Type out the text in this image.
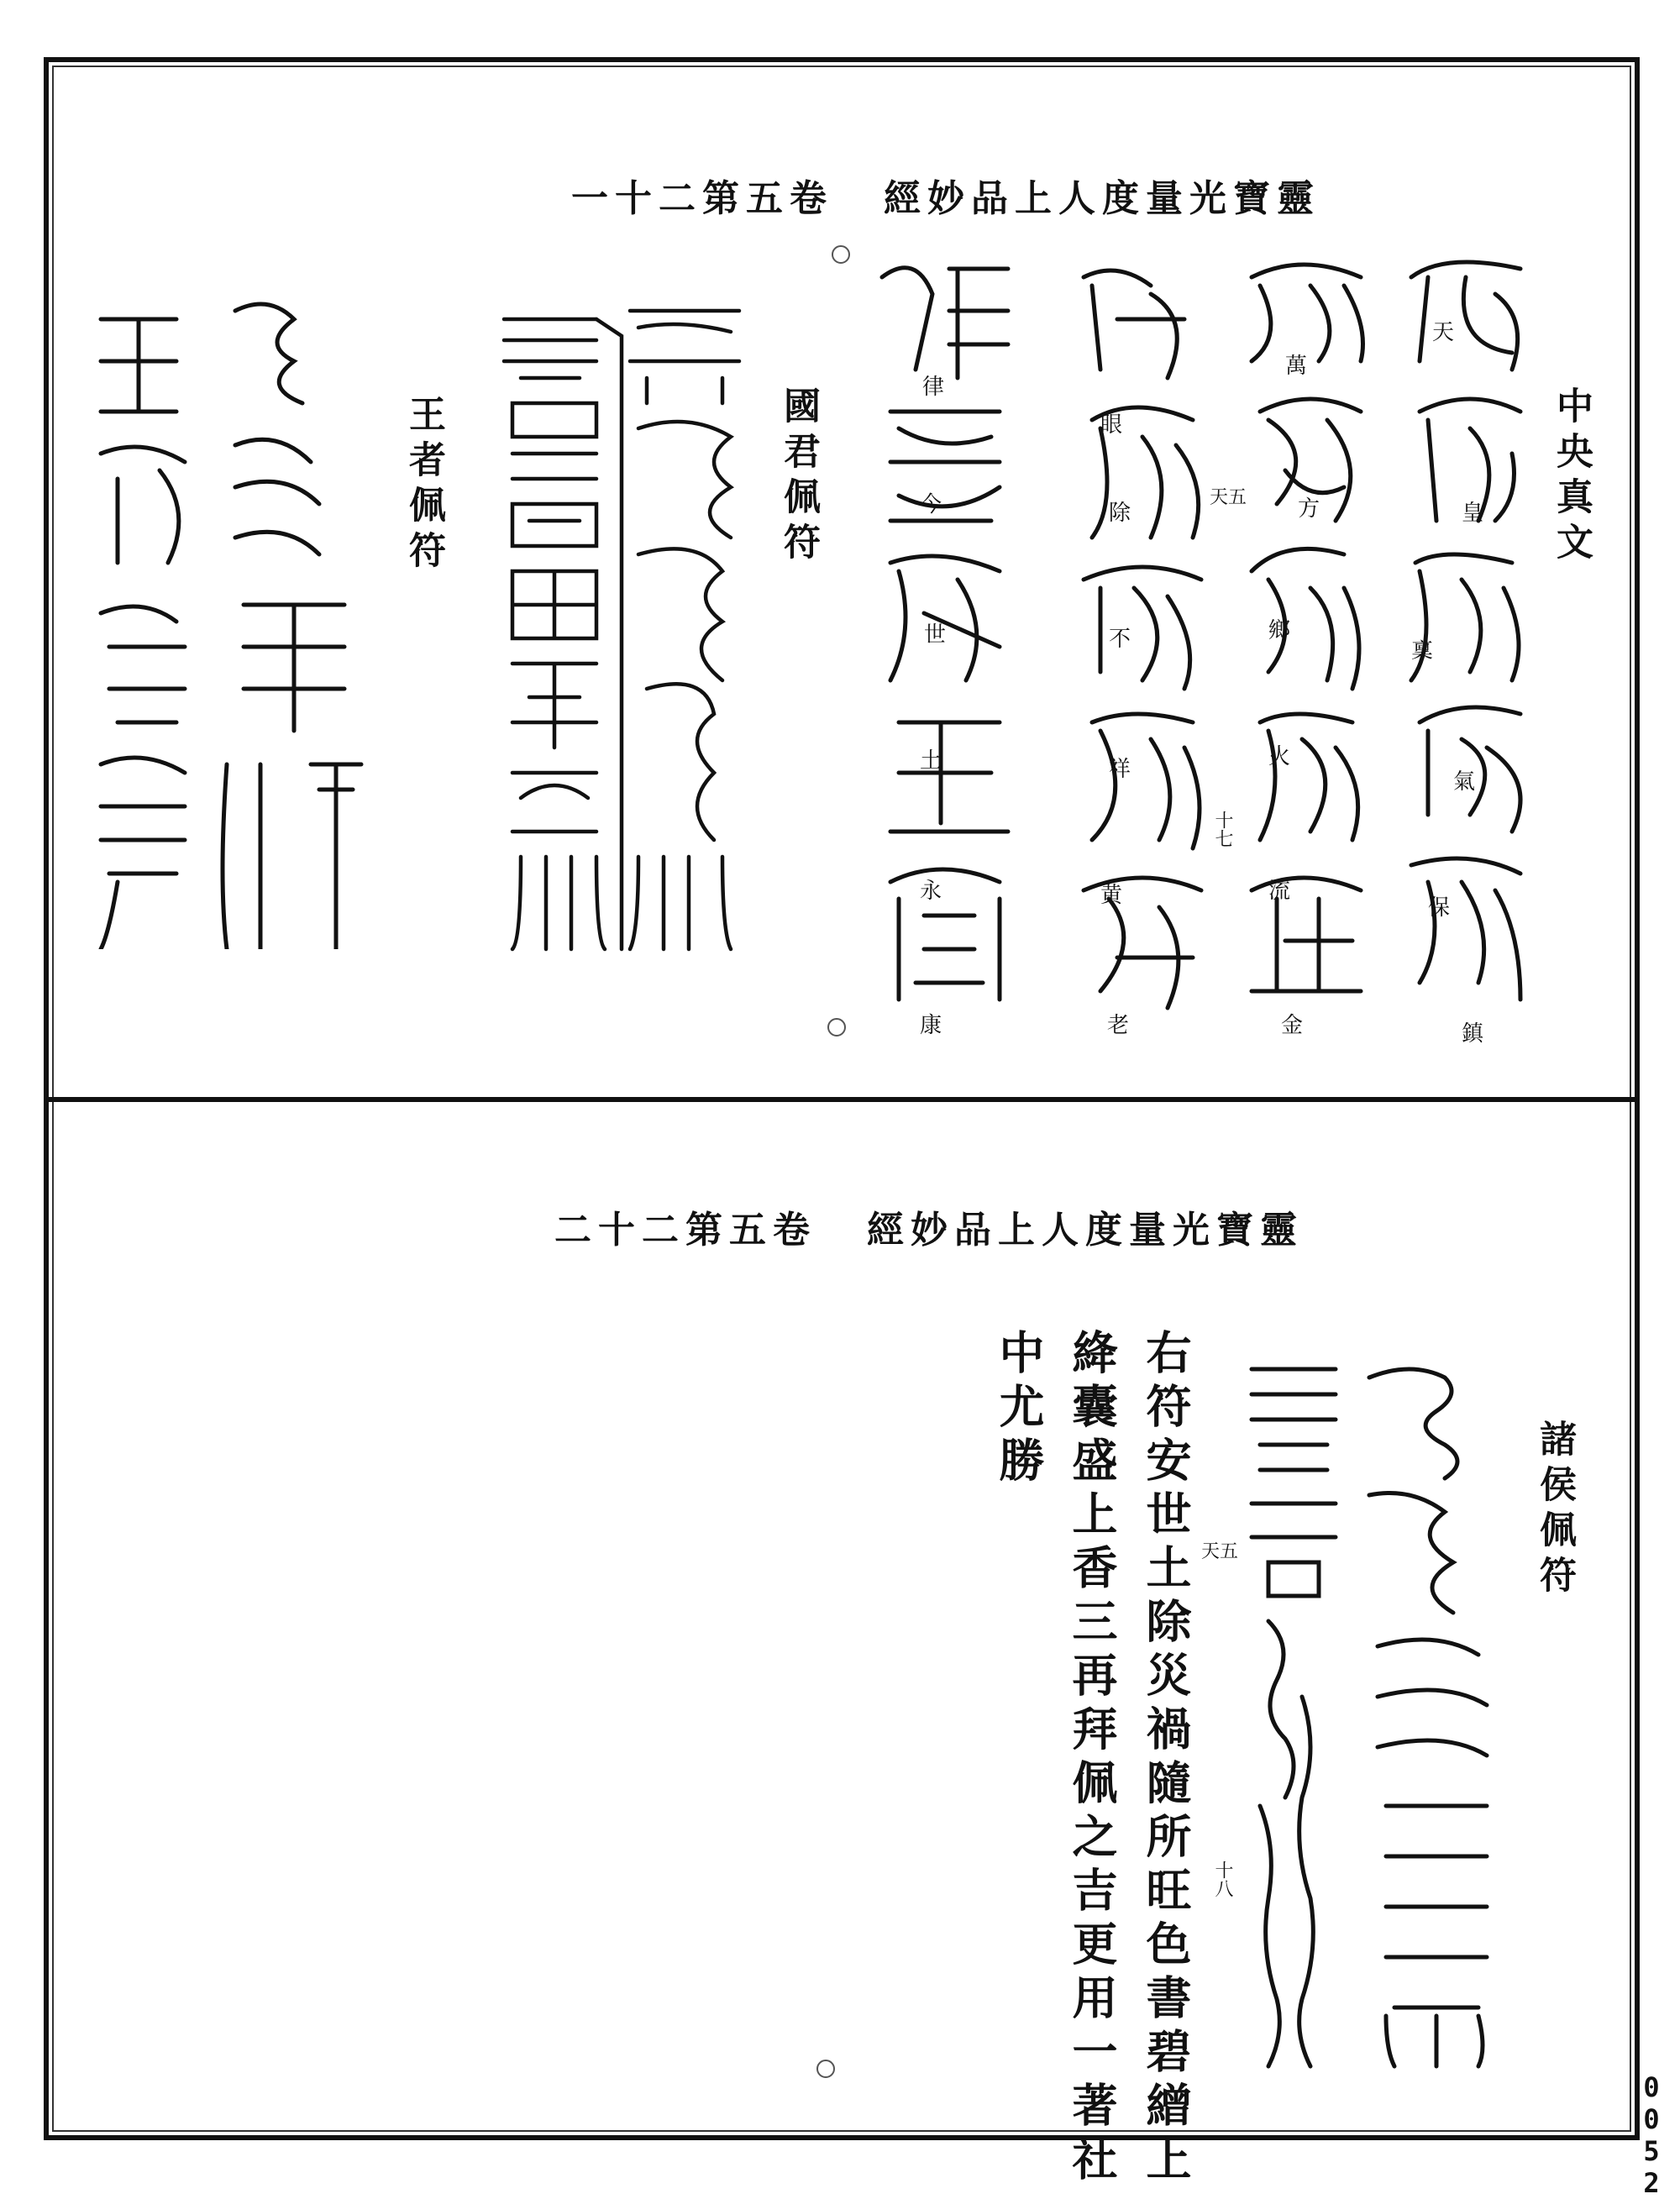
一十二第五卷 經妙品上人度量光寶靈
中央真文
國君佩符
王者佩符
天
皇
稟
氣
保
鎮
萬
方
鄉
火
流
金
眼
除
不
祥
黄
老
律
今
世
土
永
康
天五
十七
二十二第五卷 經妙品上人度量光寶靈
諸侯佩符
右符安世土除災禍隨所旺色書碧繒上
絳囊盛上香三再拜佩之吉更用一著社
中尤勝
天五
十八
0052
